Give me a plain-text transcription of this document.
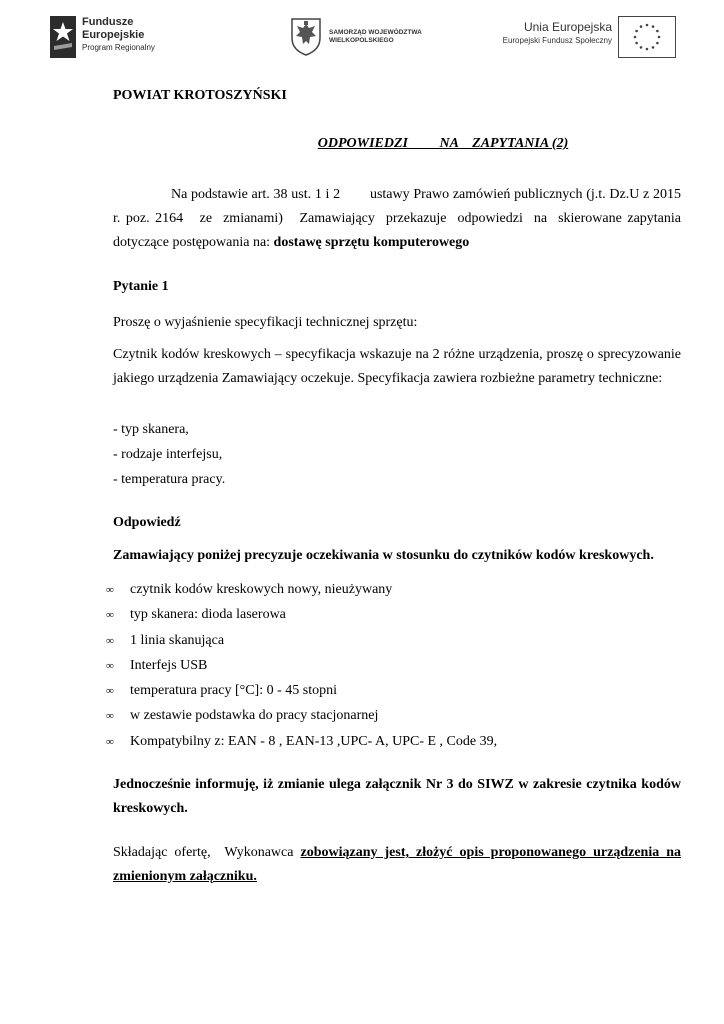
Fundusze
Europejskie
Program Regionalny
SAMORZĄD WOJEWÓDZTWA
WIELKOPOLSKIEGO
Unia Europejska
Europejski Fundusz Społeczny
POWIAT KROTOSZYŃSKI
ODPOWIEDZI         NA    ZAPYTANIA (2)
Na podstawie art. 38 ust. 1 i 2        ustawy Prawo zamówień publicznych (j.t. Dz.U z 2015 r. poz. 2164   ze  zmianami)   Zamawiający  przekazuje  odpowiedzi  na  skierowane zapytania   dotyczące postępowania na: dostawę sprzętu komputerowego
Pytanie 1
Proszę o wyjaśnienie specyfikacji technicznej sprzętu:
Czytnik kodów kreskowych – specyfikacja wskazuje na 2 różne urządzenia, proszę o sprecyzowanie jakiego urządzenia Zamawiający oczekuje. Specyfikacja zawiera rozbieżne parametry techniczne:
- typ skanera,
- rodzaje interfejsu,
- temperatura pracy.
Odpowiedź
Zamawiający poniżej precyzuje oczekiwania w stosunku do czytników kodów kreskowych.
∞ czytnik kodów kreskowych nowy, nieużywany
∞ typ skanera: dioda laserowa
∞ 1 linia skanująca
∞ Interfejs USB
∞ temperatura pracy [°C]: 0 - 45 stopni
∞ w zestawie podstawka do pracy stacjonarnej
∞ Kompatybilny z: EAN - 8 , EAN-13 ,UPC- A, UPC- E , Code 39,
Jednocześnie informuję, iż zmianie ulega załącznik Nr 3 do SIWZ w zakresie czytnika kodów kreskowych.
Składając ofertę,  Wykonawca zobowiązany jest, złożyć opis proponowanego urządzenia na zmienionym załączniku.
